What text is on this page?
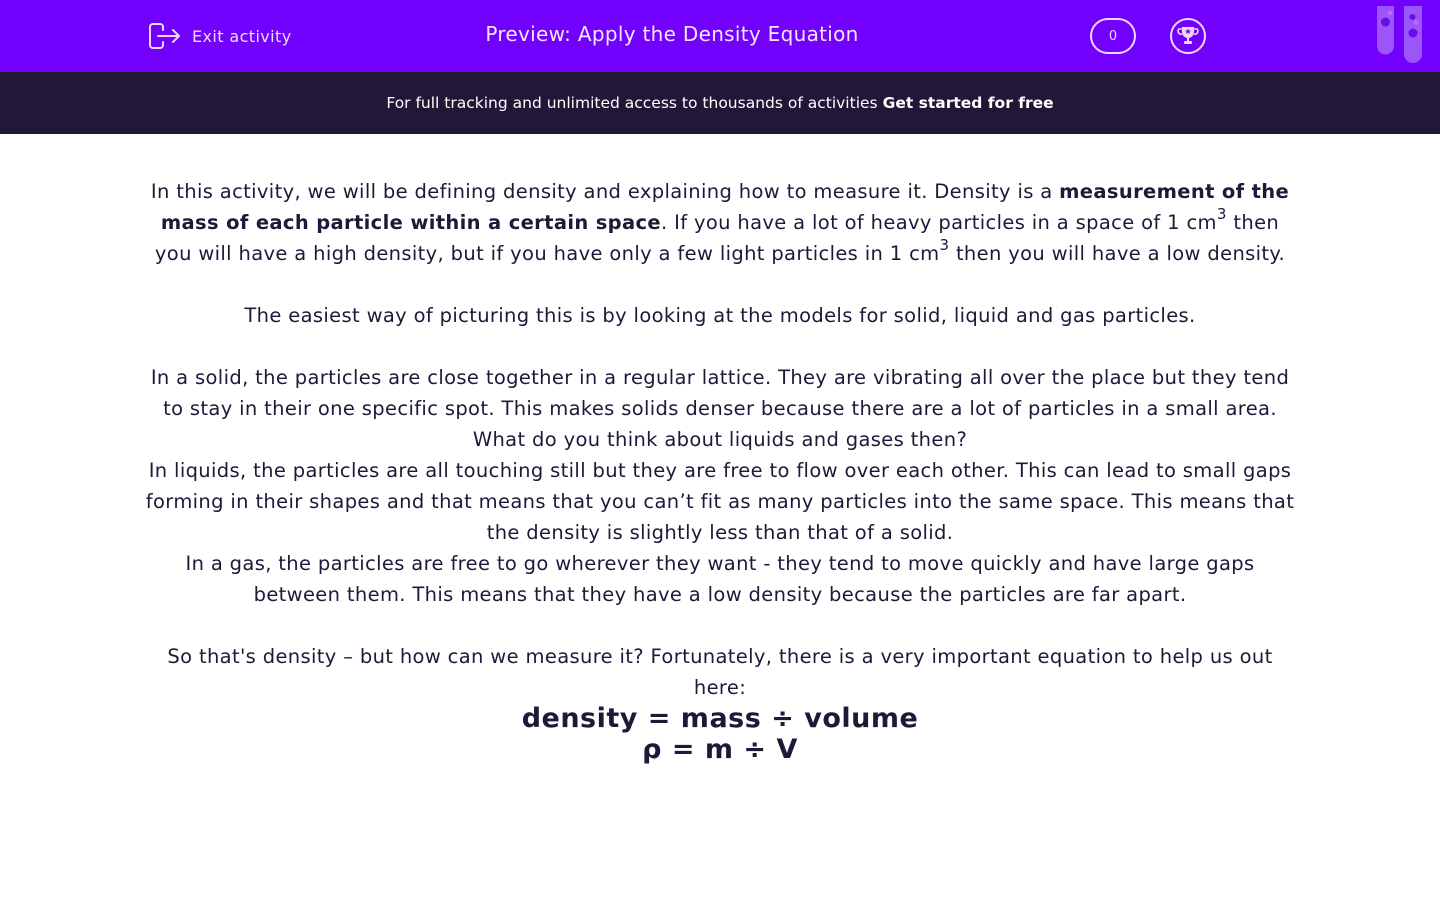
Exit activity	Preview: Apply the Density Equation	0
For full tracking and unlimited access to thousands of activities Get started for free

In this activity, we will be defining density and explaining how to measure it. Density is a measurement of the mass of each particle within a certain space. If you have a lot of heavy particles in a space of 1 $cm^3$ then you will have a high density, but if you have only a few light particles in 1 $cm^3$ then you will have a low density.

The easiest way of picturing this is by looking at the models for solid, liquid and gas particles.

In a solid, the particles are close together in a regular lattice. They are vibrating all over the place but they tend to stay in their one specific spot. This makes solids denser because there are a lot of particles in a small area. What do you think about liquids and gases then?

In liquids, the particles are all touching still but they are free to flow over each other. This can lead to small gaps forming in their shapes and that means that you can’t fit as many particles into the same space. This means that the density is slightly less than that of a solid.

In a gas, the particles are free to go wherever they want - they tend to move quickly and have large gaps between them. This means that they have a low density because the particles are far apart.

So that's density – but how can we measure it? Fortunately, there is a very important equation to help us out here:

density = mass ÷ volume

ρ = m ÷ V
